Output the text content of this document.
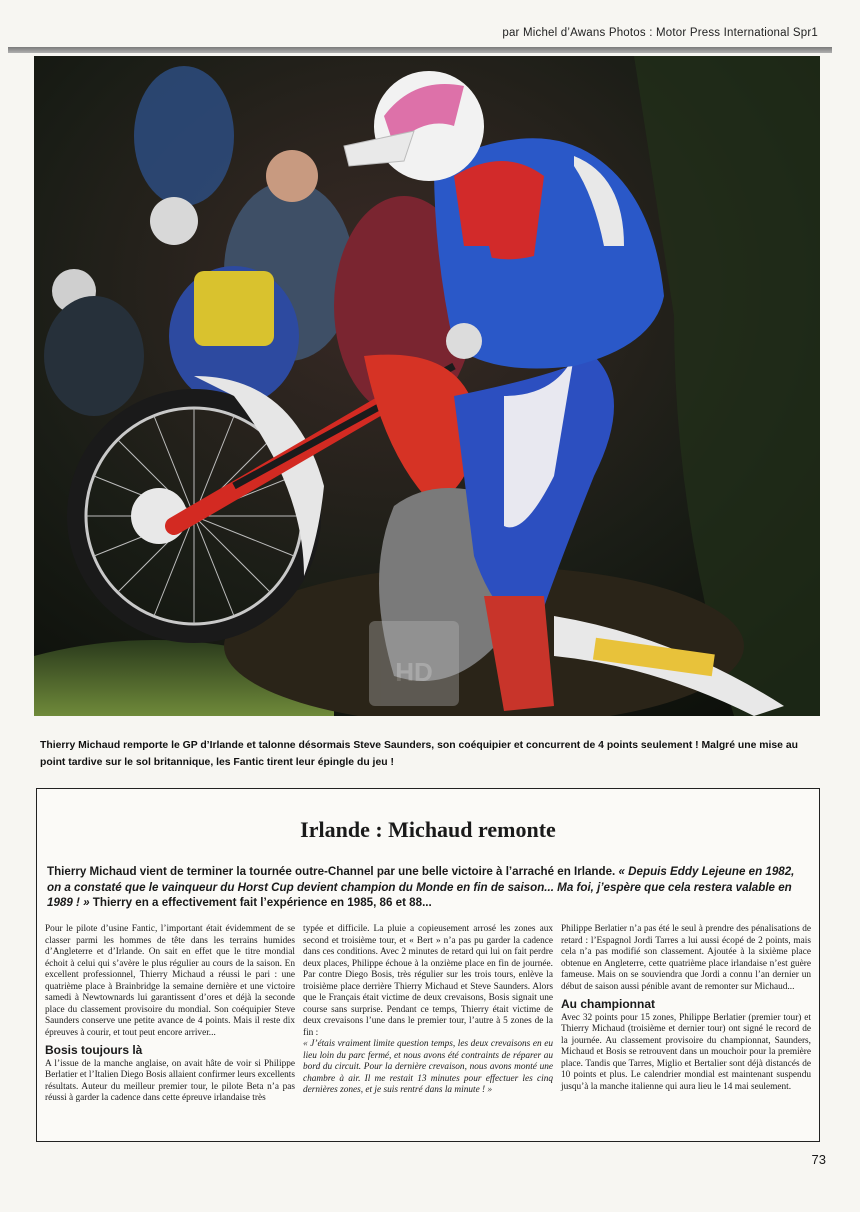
par Michel d’Awans Photos : Motor Press International Spr1
HD
Thierry Michaud remporte le GP d’Irlande et talonne désormais Steve Saunders, son coéquipier et concurrent de 4 points seulement ! Malgré une mise au point tardive sur le sol britannique, les Fantic tirent leur épingle du jeu !
Irlande : Michaud remonte
Thierry Michaud vient de terminer la tournée outre-Channel par une belle victoire à l’arraché en Irlande. « Depuis Eddy Lejeune en 1982, on a constaté que le vainqueur du Horst Cup devient champion du Monde en fin de saison... Ma foi, j’espère que cela restera valable en 1989 ! » Thierry en a effectivement fait l’expérience en 1985, 86 et 88...

Pour le pilote d’usine Fantic, l’important était évidemment de se classer parmi les hommes de tête dans les terrains humides d’Angleterre et d’Irlande. On sait en effet que le titre mondial échoit à celui qui s’avère le plus régulier au cours de la saison. En excellent professionnel, Thierry Michaud a réussi le pari : une quatrième place à Brainbridge la semaine dernière et une victoire samedi à Newtownards lui garantissent d’ores et déjà la seconde place du classement provisoire du mondial. Son coéquipier Steve Saunders conserve une petite avance de 4 points. Mais il reste dix épreuves à courir, et tout peut encore arriver...

Bosis toujours là

A l’issue de la manche anglaise, on avait hâte de voir si Philippe Berlatier et l’Italien Diego Bosis allaient confirmer leurs excellents résultats. Auteur du meilleur premier tour, le pilote Beta n’a pas réussi à garder la cadence dans cette épreuve irlandaise très

typée et difficile. La pluie a copieusement arrosé les zones aux second et troisième tour, et « Bert » n’a pas pu garder la cadence dans ces conditions. Avec 2 minutes de retard qui lui on fait perdre deux places, Philippe échoue à la onzième place en fin de journée. Par contre Diego Bosis, très régulier sur les trois tours, enlève la troisième place derrière Thierry Michaud et Steve Saunders. Alors que le Français était victime de deux crevaisons, Bosis signait une course sans surprise. Pendant ce temps, Thierry était victime de deux crevaisons l’une dans le premier tour, l’autre à 5 zones de la fin :

« J’étais vraiment limite question temps, les deux crevaisons en eu lieu loin du parc fermé, et nous avons été contraints de réparer au bord du circuit. Pour la dernière crevaison, nous avons monté une chambre à air. Il me restait 13 minutes pour effectuer les cinq dernières zones, et je suis rentré dans la minute ! »

Philippe Berlatier n’a pas été le seul à prendre des pénalisations de retard : l’Espagnol Jordi Tarres a lui aussi écopé de 2 points, mais cela n’a pas modifié son classement. Ajoutée à la sixième place obtenue en Angleterre, cette quatrième place irlandaise n’est guère fameuse. Mais on se souviendra que Jordi a connu l’an dernier un début de saison aussi pénible avant de remonter sur Michaud...

Au championnat

Avec 32 points pour 15 zones, Philippe Berlatier (premier tour) et Thierry Michaud (troisième et dernier tour) ont signé le record de la journée. Au classement provisoire du championnat, Saunders, Michaud et Bosis se retrouvent dans un mouchoir pour la première place. Tandis que Tarres, Miglio et Bertalier sont déjà distancés de 10 points et plus. Le calendrier mondial est maintenant suspendu jusqu’à la manche italienne qui aura lieu le 14 mai seulement.

73
